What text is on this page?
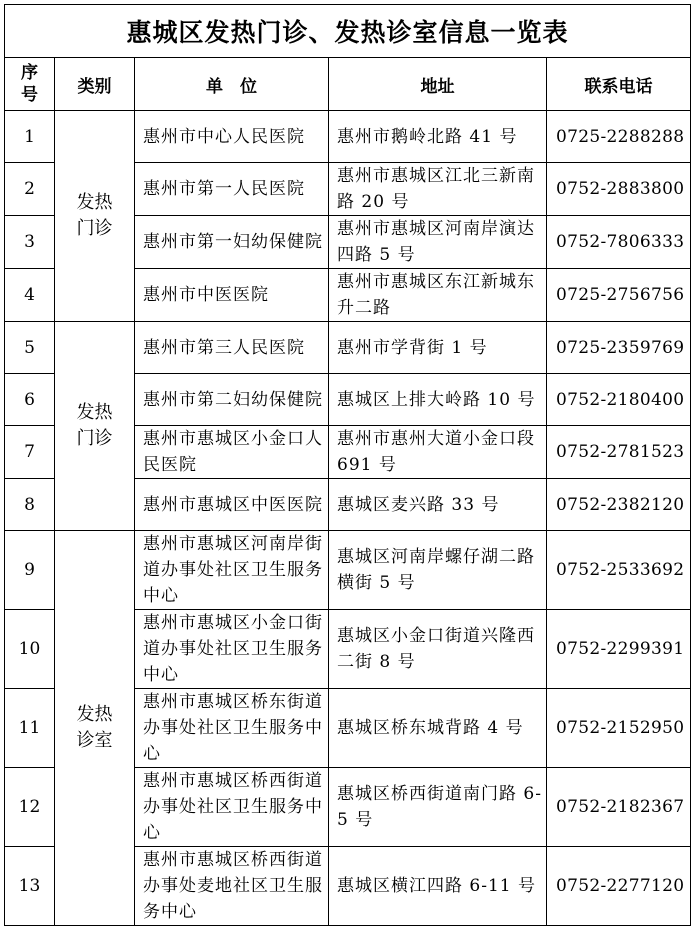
惠城区发热门诊、发热诊室信息一览表				
序号	类别	单　位	地址	联系电话
1	发热门诊	惠州市中心人民医院	惠州市鹅岭北路 41 号	0725-2288288
2		惠州市第一人民医院	惠州市惠城区江北三新南路 20 号	0752-2883800
3		惠州市第一妇幼保健院	惠州市惠城区河南岸演达四路 5 号	0752-7806333
4		惠州市中医医院	惠州市惠城区东江新城东升二路	0725-2756756
5	发热门诊	惠州市第三人民医院	惠州市学背街 1 号	0725-2359769
6		惠州市第二妇幼保健院	惠城区上排大岭路 10 号	0752-2180400
7		惠州市惠城区小金口人民医院	惠州市惠州大道小金口段 691 号	0752-2781523
8		惠州市惠城区中医医院	惠城区麦兴路 33 号	0752-2382120
9	发热诊室	惠州市惠城区河南岸街道办事处社区卫生服务中心	惠城区河南岸螺仔湖二路横街 5 号	0752-2533692
10		惠州市惠城区小金口街道办事处社区卫生服务中心	惠城区小金口街道兴隆西二街 8 号	0752-2299391
11		惠州市惠城区桥东街道办事处社区卫生服务中心	惠城区桥东城背路 4 号	0752-2152950
12		惠州市惠城区桥西街道办事处社区卫生服务中心	惠城区桥西街道南门路 6-5 号	0752-2182367
13		惠州市惠城区桥西街道办事处麦地社区卫生服务中心	惠城区横江四路 6-11 号	0752-2277120
